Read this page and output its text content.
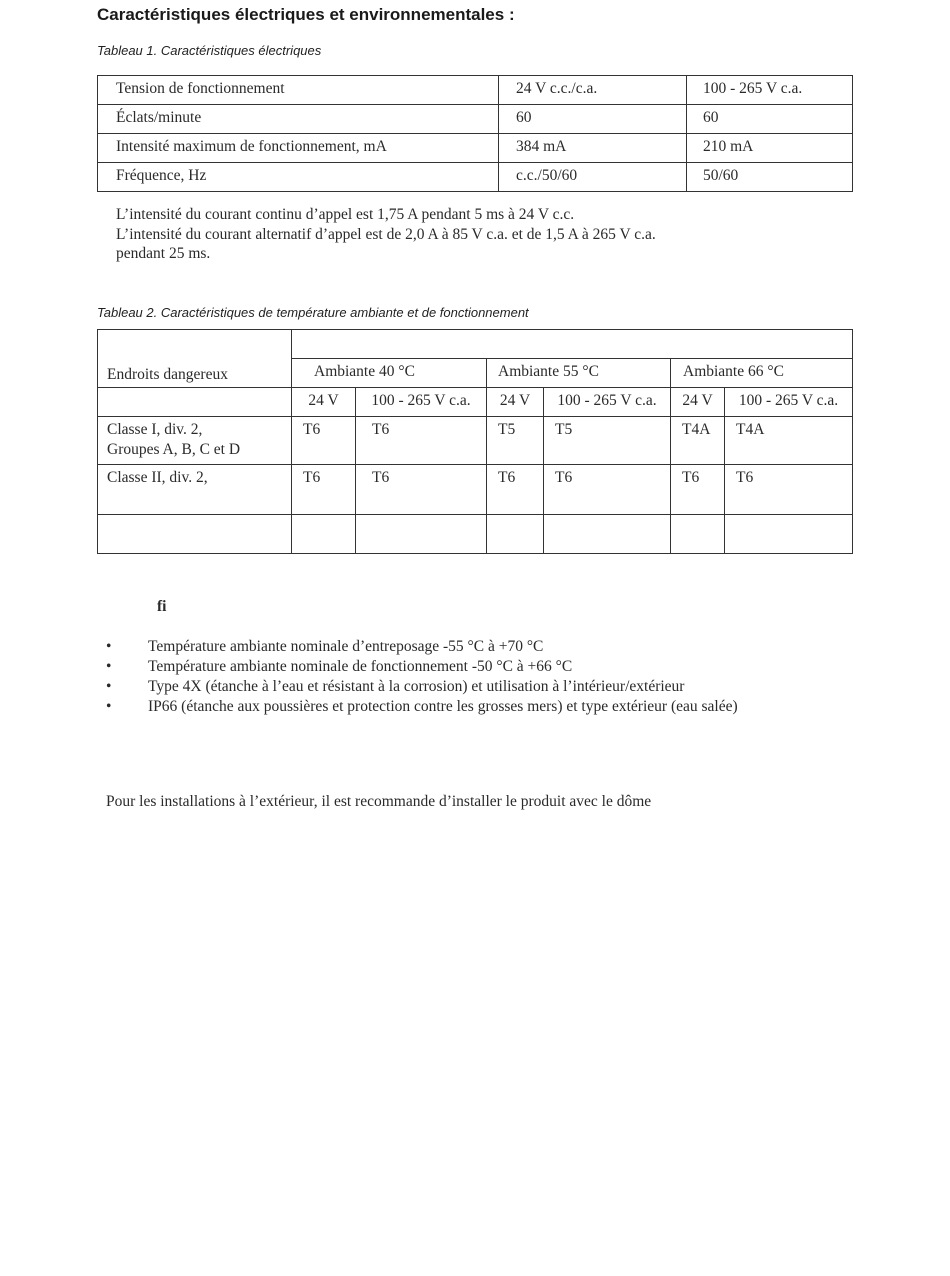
Caractéristiques électriques et environnementales :
Tableau 1. Caractéristiques électriques
Tension de fonctionnement	24 V c.c./c.a.	100 - 265 V c.a.
Éclats/minute	60	60
Intensité maximum de fonctionnement, mA	384 mA	210 mA
Fréquence, Hz	c.c./50/60	50/60
L’intensité du courant continu d’appel est 1,75 A pendant 5 ms à 24 V c.c.
L’intensité du courant alternatif d’appel est de 2,0 A à 85 V c.a. et de 1,5 A à 265 V c.a.
pendant 25 ms.
Tableau 2. Caractéristiques de température ambiante et de fonctionnement
Endroits dangereux						
	Ambiante 40 °C		Ambiante 55 °C		Ambiante 66 °C	
	24 V	100 - 265 V c.a.	24 V	100 - 265 V c.a.	24 V	100 - 265 V c.a.

Classe I, div. 2,
Groupes A, B, C et D	T6	T6	T5	T5	T4A	T4A

Classe II, div. 2,	T6	T6	T6	T6	T6	T6

fi
• Température ambiante nominale d’entreposage -55 °C à +70 °C
• Température ambiante nominale de fonctionnement -50 °C à +66 °C
• Type 4X (étanche à l’eau et résistant à la corrosion) et utilisation à l’intérieur/extérieur
• IP66 (étanche aux poussières et protection contre les grosses mers) et type extérieur (eau salée)
Pour les installations à l’extérieur, il est recommande d’installer le produit avec le dôme
